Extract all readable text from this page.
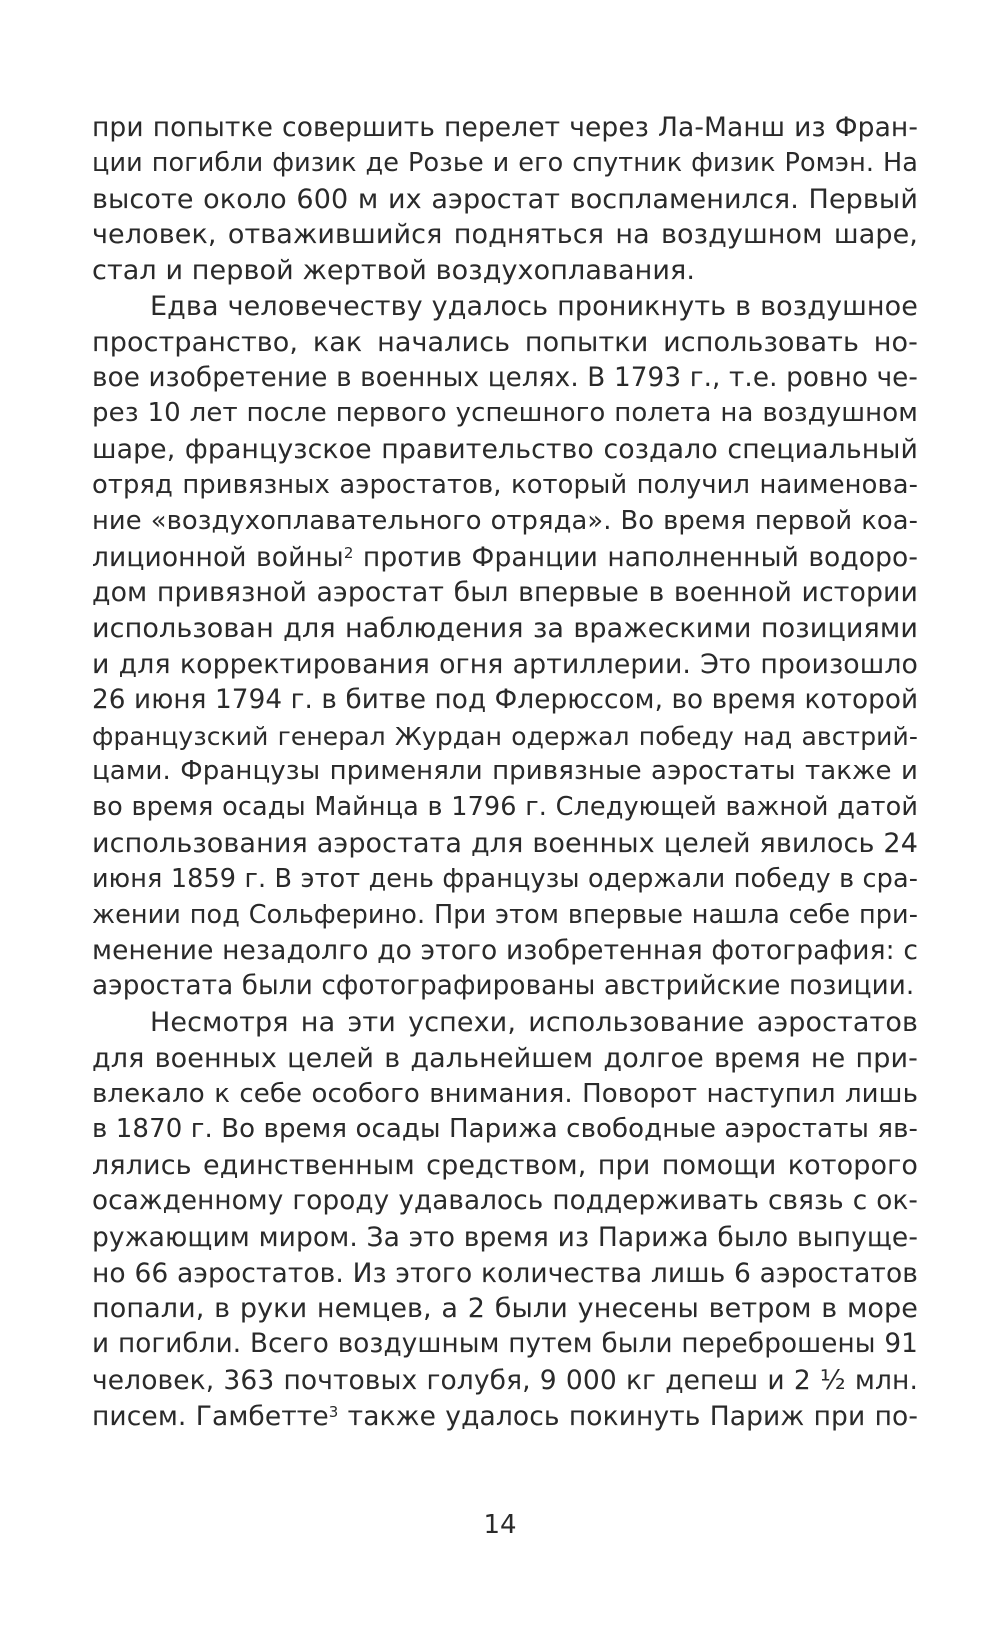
при попытке совершить перелет через Ла-Манш из Фран-
ции погибли физик де Розье и его спутник физик Ромэн. На
высоте около 600 м их аэростат воспламенился. Первый
человек, отважившийся подняться на воздушном шаре,
стал и первой жертвой воздухоплавания.
Едва человечеству удалось проникнуть в воздушное
пространство, как начались попытки использовать но-
вое изобретение в военных целях. В 1793 г., т.е. ровно че-
рез 10 лет после первого успешного полета на воздушном
шаре, французское правительство создало специальный
отряд привязных аэростатов, который получил наименова-
ние «воздухоплавательного отряда». Во время первой коа-
лиционной войны$^2$ против Франции наполненный водоро-
дом привязной аэростат был впервые в военной истории
использован для наблюдения за вражескими позициями
и для корректирования огня артиллерии. Это произошло
26 июня 1794 г. в битве под Флерюссом, во время которой
французский генерал Журдан одержал победу над австрий-
цами. Французы применяли привязные аэростаты также и
во время осады Майнца в 1796 г. Следующей важной датой
использования аэростата для военных целей явилось 24
июня 1859 г. В этот день французы одержали победу в сра-
жении под Сольферино. При этом впервые нашла себе при-
менение незадолго до этого изобретенная фотография: с
аэростата были сфотографированы австрийские позиции.
Несмотря на эти успехи, использование аэростатов
для военных целей в дальнейшем долгое время не при-
влекало к себе особого внимания. Поворот наступил лишь
в 1870 г. Во время осады Парижа свободные аэростаты яв-
лялись единственным средством, при помощи которого
осажденному городу удавалось поддерживать связь с ок-
ружающим миром. За это время из Парижа было выпуще-
но 66 аэростатов. Из этого количества лишь 6 аэростатов
попали, в руки немцев, а 2 были унесены ветром в море
и погибли. Всего воздушным путем были переброшены 91
человек, 363 почтовых голубя, 9 000 кг депеш и 2 ½ млн.
писем. Гамбетте$^3$ также удалось покинуть Париж при по-
14
